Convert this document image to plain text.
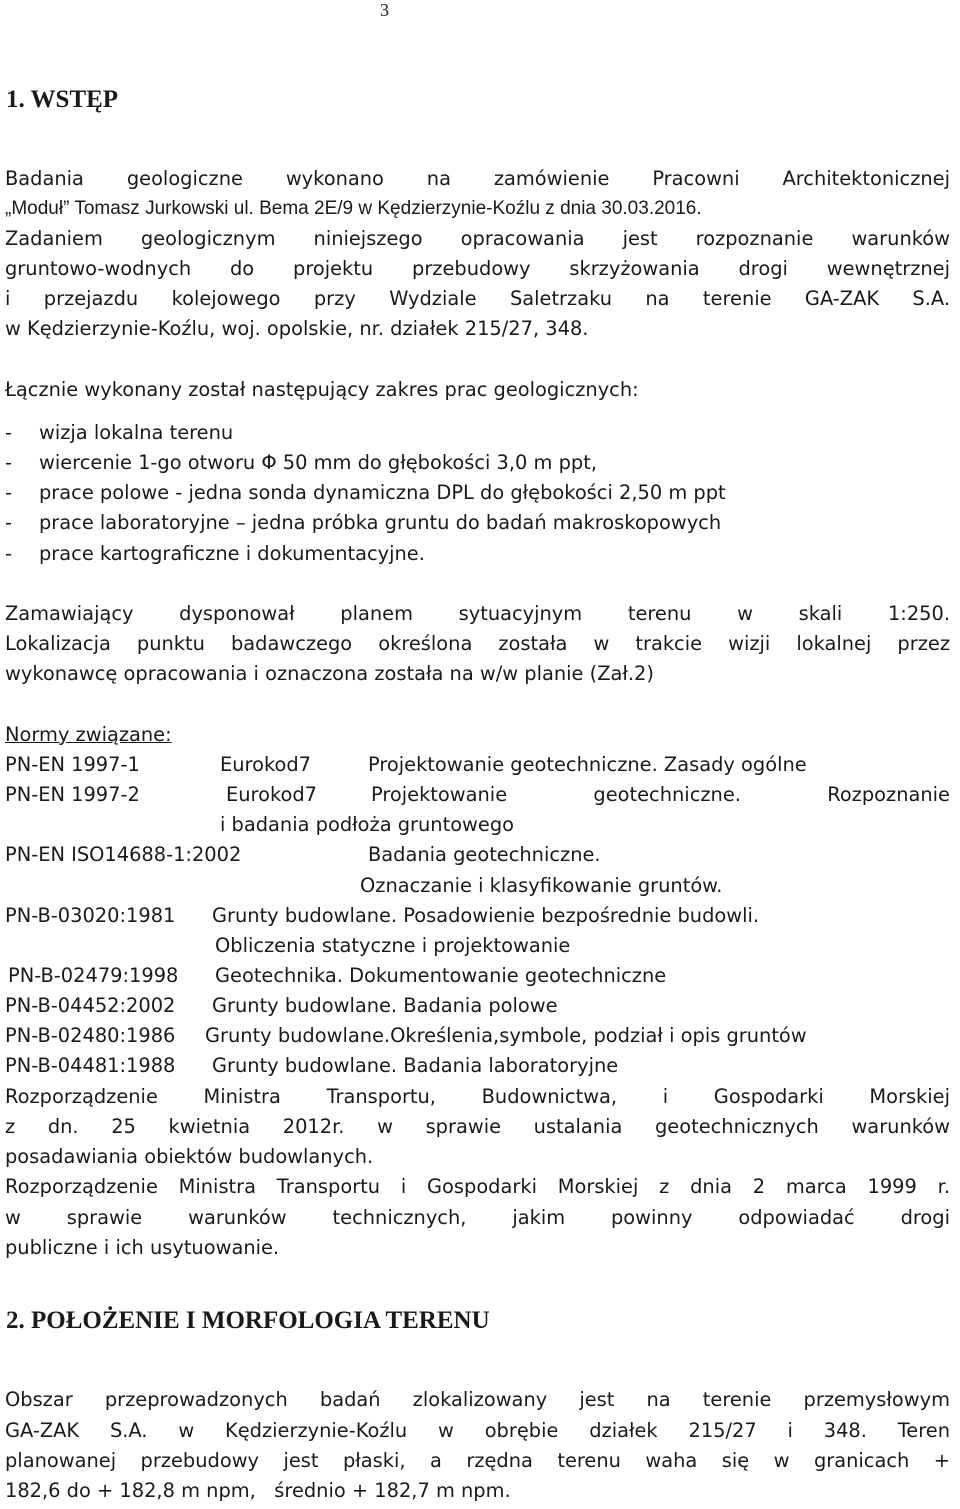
3
1. WSTĘP
Badania geologiczne wykonano na zamówienie Pracowni Architektonicznej
„Moduł” Tomasz Jurkowski ul. Bema 2E/9 w Kędzierzynie-Koźlu z dnia 30.03.2016.
Zadaniem geologicznym niniejszego opracowania jest rozpoznanie warunków
gruntowo-wodnych do projektu przebudowy skrzyżowania drogi wewnętrznej
i przejazdu kolejowego przy Wydziale Saletrzaku na terenie GA-ZAK S.A.
w Kędzierzynie-Koźlu, woj. opolskie, nr. działek 215/27, 348.
Łącznie wykonany został następujący zakres prac geologicznych:
- wizja lokalna terenu
- wiercenie 1-go otworu Φ 50 mm do głębokości 3,0 m ppt,
- prace polowe - jedna sonda dynamiczna DPL do głębokości 2,50 m ppt
- prace laboratoryjne – jedna próbka gruntu do badań makroskopowych
- prace kartograficzne i dokumentacyjne.
Zamawiający dysponował planem sytuacyjnym terenu w skali 1:250.
Lokalizacja punktu badawczego określona została w trakcie wizji lokalnej przez
wykonawcę opracowania i oznaczona została na w/w planie (Zał.2)
Normy związane:
PN-EN 1997-1	Eurokod7	Projektowanie geotechniczne. Zasady ogólne
PN-EN 1997-2	Eurokod7	Projektowanie geotechniczne. Rozpoznanie
i badania podłoża gruntowego
PN-EN ISO14688-1:2002	Badania geotechniczne.
Oznaczanie i klasyfikowanie gruntów.
PN-B-03020:1981 Grunty budowlane. Posadowienie bezpośrednie budowli.
Obliczenia statyczne i projektowanie
PN-B-02479:1998 Geotechnika. Dokumentowanie geotechniczne
PN-B-04452:2002 Grunty budowlane. Badania polowe
PN-B-02480:1986 Grunty budowlane.Określenia,symbole, podział i opis gruntów
PN-B-04481:1988 Grunty budowlane. Badania laboratoryjne
Rozporządzenie Ministra Transportu, Budownictwa, i Gospodarki Morskiej
z dn. 25 kwietnia 2012r. w sprawie ustalania geotechnicznych warunków
posadawiania obiektów budowlanych.
Rozporządzenie Ministra Transportu i Gospodarki Morskiej z dnia 2 marca 1999 r.
w sprawie warunków technicznych, jakim powinny odpowiadać drogi
publiczne i ich usytuowanie.
2. POŁOŻENIE I MORFOLOGIA TERENU
Obszar przeprowadzonych badań zlokalizowany jest na terenie przemysłowym
GA-ZAK S.A. w Kędzierzynie-Koźlu w obrębie działek 215/27 i 348. Teren
planowanej przebudowy jest płaski, a rzędna terenu waha się w granicach +
182,6 do + 182,8 m npm,   średnio + 182,7 m npm.
